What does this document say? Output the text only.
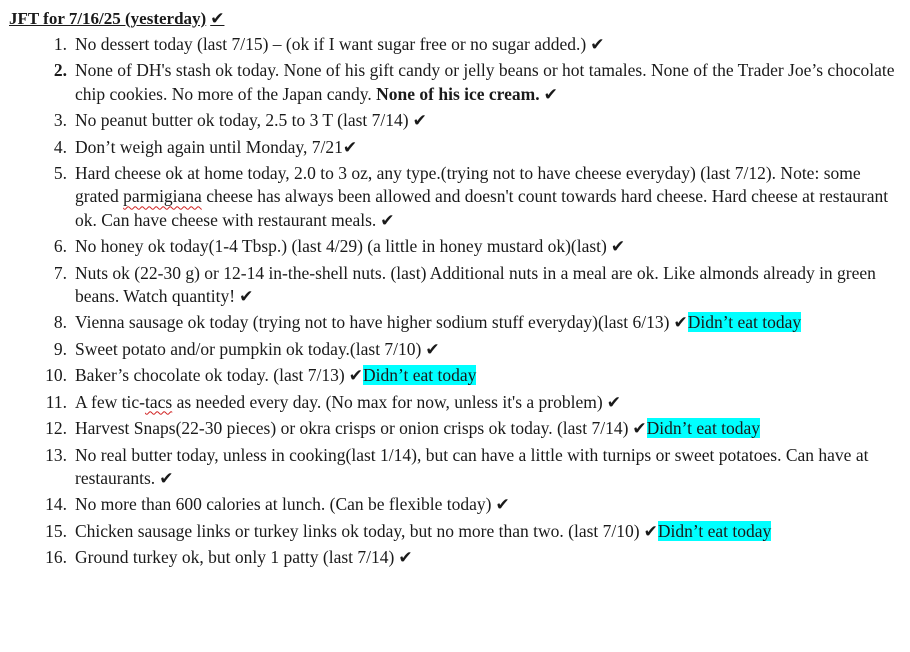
JFT for 7/16/25 (yesterday) ✔
1. No dessert today (last 7/15) – (ok if I want sugar free or no sugar added.) ✔
2. None of DH's stash ok today. None of his gift candy or jelly beans or hot tamales. None of the Trader Joe’s chocolate chip cookies. No more of the Japan candy. None of his ice cream. ✔
3. No peanut butter ok today, 2.5 to 3 T (last 7/14) ✔
4. Don’t weigh again until Monday, 7/21✔
5. Hard cheese ok at home today, 2.0 to 3 oz, any type.(trying not to have cheese everyday) (last 7/12). Note: some grated parmigiana cheese has always been allowed and doesn't count towards hard cheese. Hard cheese at restaurant ok. Can have cheese with restaurant meals. ✔
6. No honey ok today(1-4 Tbsp.) (last 4/29) (a little in honey mustard ok)(last) ✔
7. Nuts ok (22-30 g) or 12-14 in-the-shell nuts. (last) Additional nuts in a meal are ok. Like almonds already in green beans. Watch quantity! ✔
8. Vienna sausage ok today (trying not to have higher sodium stuff everyday)(last 6/13) ✔Didn’t eat today
9. Sweet potato and/or pumpkin ok today.(last 7/10) ✔
10. Baker’s chocolate ok today. (last 7/13) ✔Didn’t eat today
11. A few tic-tacs as needed every day. (No max for now, unless it's a problem) ✔
12. Harvest Snaps(22-30 pieces) or okra crisps or onion crisps ok today. (last 7/14) ✔Didn’t eat today
13. No real butter today, unless in cooking(last 1/14), but can have a little with turnips or sweet potatoes. Can have at restaurants. ✔
14. No more than 600 calories at lunch. (Can be flexible today) ✔
15. Chicken sausage links or turkey links ok today, but no more than two. (last 7/10) ✔Didn’t eat today
16. Ground turkey ok, but only 1 patty (last 7/14) ✔
